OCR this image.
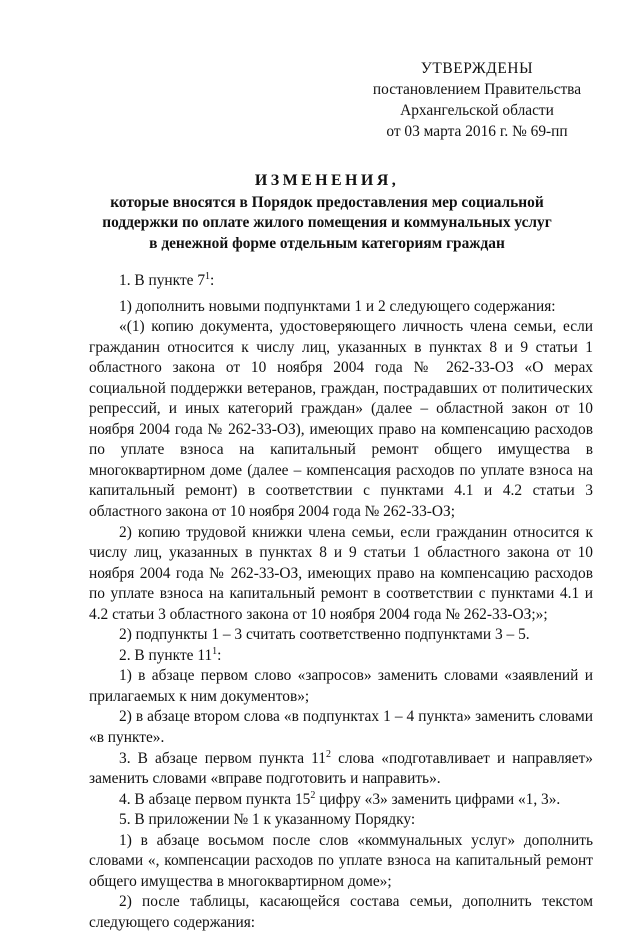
УТВЕРЖДЕНЫ
постановлением Правительства
Архангельской области
от 03 марта 2016 г. № 69-пп
ИЗМЕНЕНИЯ,
которые вносятся в Порядок предоставления мер социальной
поддержки по оплате жилого помещения и коммунальных услуг
в денежной форме отдельным категориям граждан

1. В пункте $7^1$:

1) дополнить новыми подпунктами 1 и 2 следующего содержания:

«(1) копию документа, удостоверяющего личность члена семьи, если гражданин относится к числу лиц, указанных в пунктах 8 и 9 статьи 1 областного закона от 10 ноября 2004 года № 262-33-ОЗ «О мерах социальной поддержки ветеранов, граждан, пострадавших от политических репрессий, и иных категорий граждан» (далее – областной закон от 10 ноября 2004 года № 262-33-ОЗ), имеющих право на компенсацию расходов по уплате взноса на капитальный ремонт общего имущества в многоквартирном доме (далее – компенсация расходов по уплате взноса на капитальный ремонт) в соответствии с пунктами 4.1 и 4.2 статьи 3 областного закона от 10 ноября 2004 года № 262-33-ОЗ;

2) копию трудовой книжки члена семьи, если гражданин относится к числу лиц, указанных в пунктах 8 и 9 статьи 1 областного закона от 10 ноября 2004 года № 262-33-ОЗ, имеющих право на компенсацию расходов по уплате взноса на капитальный ремонт в соответствии с пунктами 4.1 и 4.2 статьи 3 областного закона от 10 ноября 2004 года № 262-33-ОЗ;»;

2) подпункты 1 – 3 считать соответственно подпунктами 3 – 5.

2. В пункте $11^1$:

1) в абзаце первом слово «запросов» заменить словами «заявлений и прилагаемых к ним документов»;

2) в абзаце втором слова «в подпунктах 1 – 4 пункта» заменить словами «в пункте».

3. В абзаце первом пункта $11^2$ слова «подготавливает и направляет» заменить словами «вправе подготовить и направить».

4. В абзаце первом пункта $15^2$ цифру «3» заменить цифрами «1, 3».

5. В приложении № 1 к указанному Порядку:

1) в абзаце восьмом после слов «коммунальных услуг» дополнить словами «, компенсации расходов по уплате взноса на капитальный ремонт общего имущества в многоквартирном доме»;

2) после таблицы, касающейся состава семьи, дополнить текстом следующего содержания:
